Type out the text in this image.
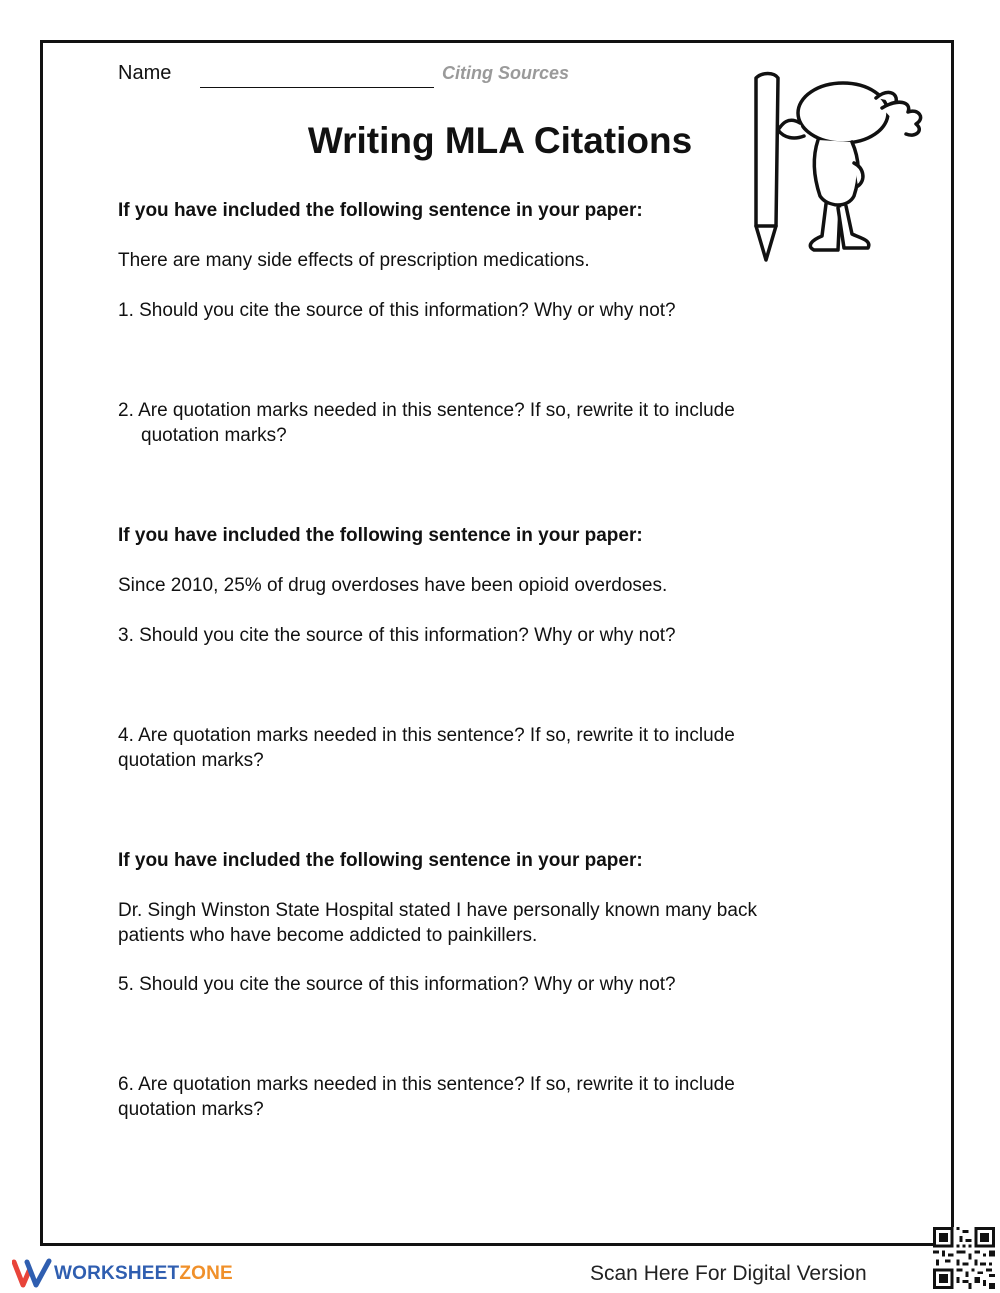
Name	Citing Sources
Writing MLA Citations

If you have included the following sentence in your paper:

There are many side effects of prescription medications.

1. Should you cite the source of this information? Why or why not?

2. Are quotation marks needed in this sentence? If so, rewrite it to include

quotation marks?

If you have included the following sentence in your paper:

Since 2010, 25% of drug overdoses have been opioid overdoses.

3. Should you cite the source of this information? Why or why not?

4. Are quotation marks needed in this sentence? If so, rewrite it to include

quotation marks?

If you have included the following sentence in your paper:

Dr. Singh Winston State Hospital stated I have personally known many back

patients who have become addicted to painkillers.

5. Should you cite the source of this information? Why or why not?

6. Are quotation marks needed in this sentence? If so, rewrite it to include

quotation marks?

WORKSHEETZONE	Scan Here For Digital Version
